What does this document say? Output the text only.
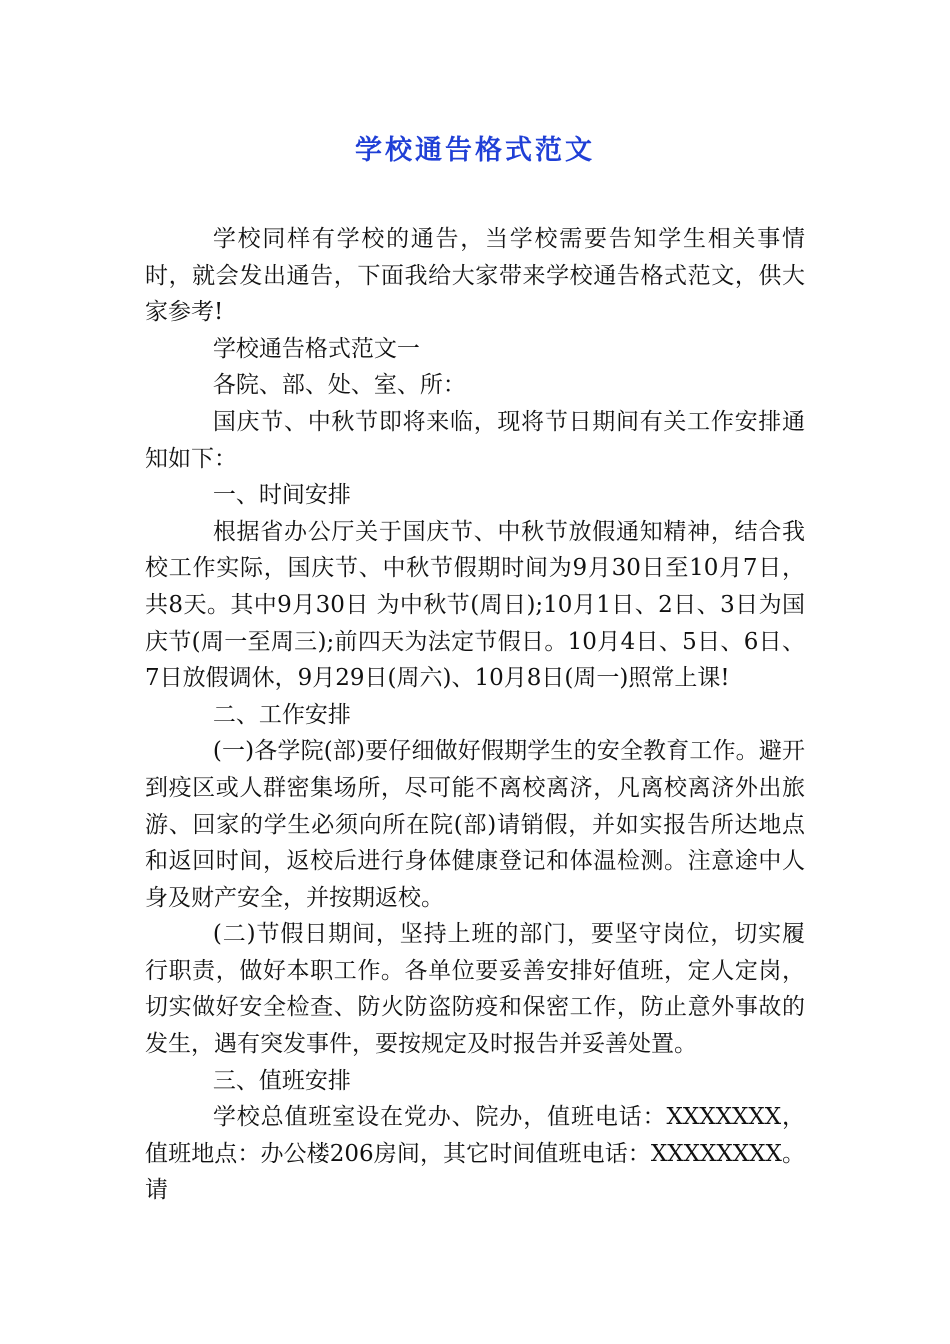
学校通告格式范文

学校同样有学校的通告，当学校需要告知学生相关事情时，就会发出通告，下面我给大家带来学校通告格式范文，供大家参考!

学校通告格式范文一

各院、部、处、室、所：

国庆节、中秋节即将来临，现将节日期间有关工作安排通知如下：

一、时间安排

根据省办公厅关于国庆节、中秋节放假通知精神，结合我校工作实际，国庆节、中秋节假期时间为9月30日至10月7日，共8天。其中9月30日 为中秋节(周日);10月1日、2日、3日为国庆节(周一至周三);前四天为法定节假日。10月4日、5日、6日、7日放假调休，9月29日(周六)、10月8日(周一)照常上课!

二、工作安排

(一)各学院(部)要仔细做好假期学生的安全教育工作。避开到疫区或人群密集场所，尽可能不离校离济，凡离校离济外出旅游、回家的学生必须向所在院(部)请销假，并如实报告所达地点和返回时间，返校后进行身体健康登记和体温检测。注意途中人身及财产安全，并按期返校。

(二)节假日期间，坚持上班的部门，要坚守岗位，切实履行职责，做好本职工作。各单位要妥善安排好值班，定人定岗，切实做好安全检查、防火防盗防疫和保密工作，防止意外事故的发生，遇有突发事件，要按规定及时报告并妥善处置。

三、值班安排

学校总值班室设在党办、院办，值班电话：XXXXXXX，值班地点：办公楼206房间，其它时间值班电话：XXXXXXXX。请
